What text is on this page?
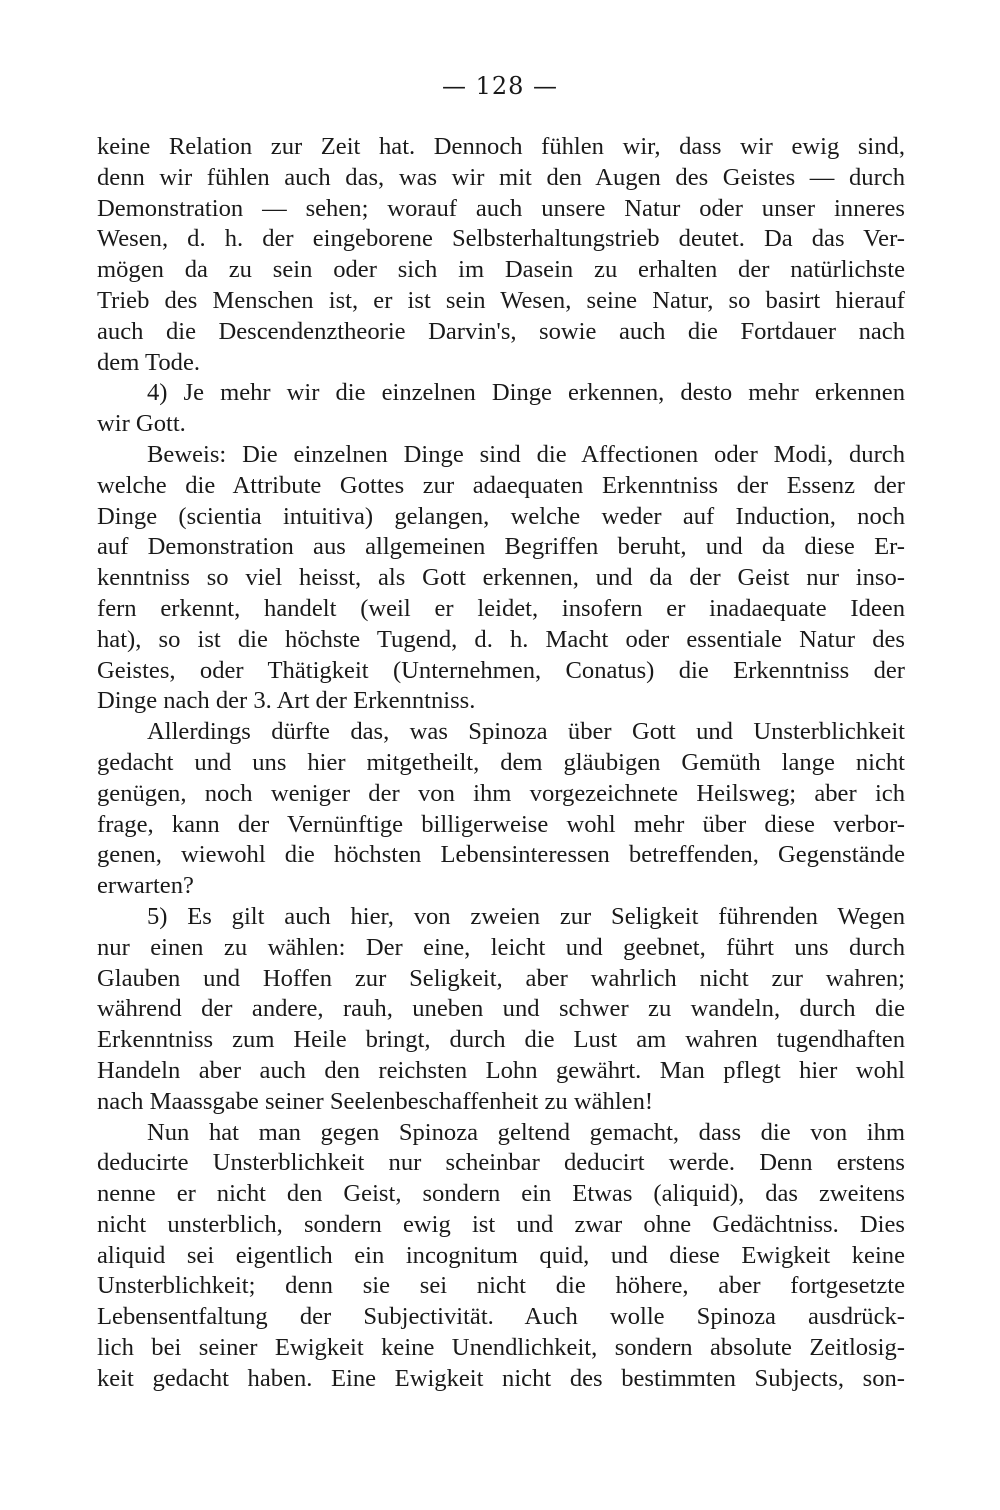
— 128 —
keine Relation zur Zeit hat. Dennoch fühlen wir, dass wir ewig sind,
denn wir fühlen auch das, was wir mit den Augen des Geistes — durch
Demonstration — sehen; worauf auch unsere Natur oder unser inneres
Wesen, d. h. der eingeborene Selbsterhaltungstrieb deutet. Da das Ver-
mögen da zu sein oder sich im Dasein zu erhalten der natürlichste
Trieb des Menschen ist, er ist sein Wesen, seine Natur, so basirt hierauf
auch die Descendenztheorie Darvin's, sowie auch die Fortdauer nach
dem Tode.
4) Je mehr wir die einzelnen Dinge erkennen, desto mehr erkennen
wir Gott.
Beweis: Die einzelnen Dinge sind die Affectionen oder Modi, durch
welche die Attribute Gottes zur adaequaten Erkenntniss der Essenz der
Dinge (scientia intuitiva) gelangen, welche weder auf Induction, noch
auf Demonstration aus allgemeinen Begriffen beruht, und da diese Er-
kenntniss so viel heisst, als Gott erkennen, und da der Geist nur inso-
fern erkennt, handelt (weil er leidet, insofern er inadaequate Ideen
hat), so ist die höchste Tugend, d. h. Macht oder essentiale Natur des
Geistes, oder Thätigkeit (Unternehmen, Conatus) die Erkenntniss der
Dinge nach der 3. Art der Erkenntniss.
Allerdings dürfte das, was Spinoza über Gott und Unsterblichkeit
gedacht und uns hier mitgetheilt, dem gläubigen Gemüth lange nicht
genügen, noch weniger der von ihm vorgezeichnete Heilsweg; aber ich
frage, kann der Vernünftige billigerweise wohl mehr über diese verbor-
genen, wiewohl die höchsten Lebensinteressen betreffenden, Gegenstände
erwarten?
5) Es gilt auch hier, von zweien zur Seligkeit führenden Wegen
nur einen zu wählen: Der eine, leicht und geebnet, führt uns durch
Glauben und Hoffen zur Seligkeit, aber wahrlich nicht zur wahren;
während der andere, rauh, uneben und schwer zu wandeln, durch die
Erkenntniss zum Heile bringt, durch die Lust am wahren tugendhaften
Handeln aber auch den reichsten Lohn gewährt. Man pflegt hier wohl
nach Maassgabe seiner Seelenbeschaffenheit zu wählen!
Nun hat man gegen Spinoza geltend gemacht, dass die von ihm
deducirte Unsterblichkeit nur scheinbar deducirt werde. Denn erstens
nenne er nicht den Geist, sondern ein Etwas (aliquid), das zweitens
nicht unsterblich, sondern ewig ist und zwar ohne Gedächtniss. Dies
aliquid sei eigentlich ein incognitum quid, und diese Ewigkeit keine
Unsterblichkeit; denn sie sei nicht die höhere, aber fortgesetzte
Lebensentfaltung der Subjectivität. Auch wolle Spinoza ausdrück-
lich bei seiner Ewigkeit keine Unendlichkeit, sondern absolute Zeitlosig-
keit gedacht haben. Eine Ewigkeit nicht des bestimmten Subjects, son-
